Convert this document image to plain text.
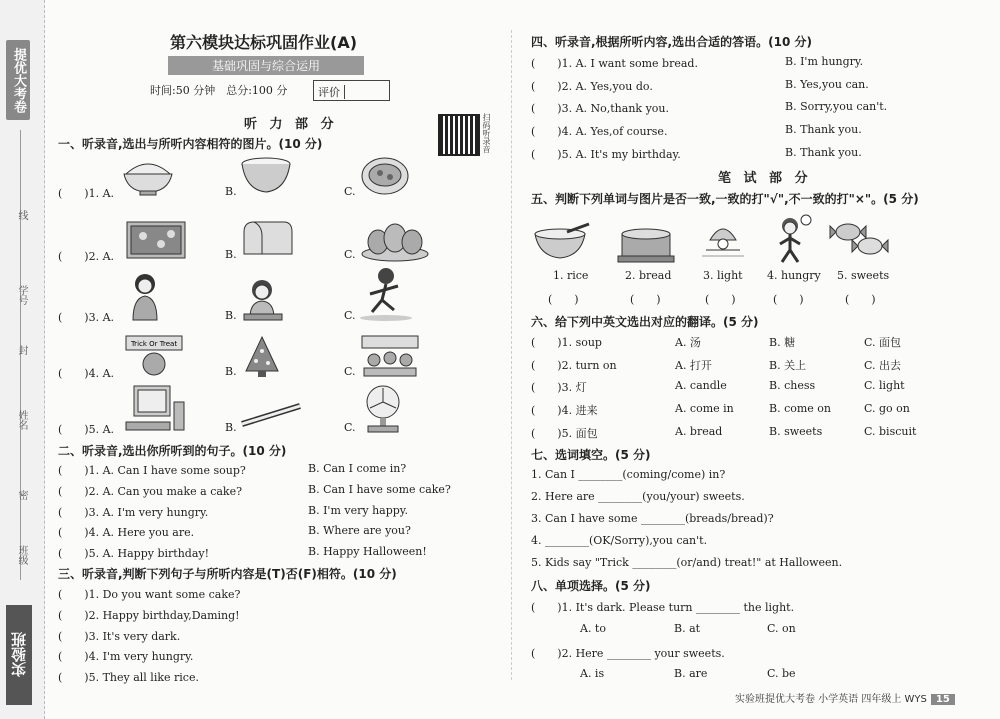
提优大考卷
线
学号
封
姓名
密
班级
实验班
第六模块达标巩固作业(A)
基础巩固与综合运用
时间:50 分钟　总分:100 分	评价
扫码听录音
听 力 部 分
一、听录音,选出与所听内容相符的图片。(10 分)
(　　)1. A.	B.	C.
(　　)2. A.	B.	C.
(　　)3. A.	B.	C.
(　　)4. A.	B.	C.
(　　)5. A.	B.	C.
Trick Or Treat
二、听录音,选出你所听到的句子。(10 分)
(　　)1. A. Can I have some soup?	B. Can I come in?
(　　)2. A. Can you make a cake?	B. Can I have some cake?
(　　)3. A. I'm very hungry.	B. I'm very happy.
(　　)4. A. Here you are.	B. Where are you?
(　　)5. A. Happy birthday!	B. Happy Halloween!
三、听录音,判断下列句子与所听内容是(T)否(F)相符。(10 分)
(　　)1. Do you want some cake?
(　　)2. Happy birthday,Daming!
(　　)3. It's very dark.
(　　)4. I'm very hungry.
(　　)5. They all like rice.
四、听录音,根据所听内容,选出合适的答语。(10 分)
(　　)1. A. I want some bread.	B. I'm hungry.
(　　)2. A. Yes,you do.	B. Yes,you can.
(　　)3. A. No,thank you.	B. Sorry,you can't.
(　　)4. A. Yes,of course.	B. Thank you.
(　　)5. A. It's my birthday.	B. Thank you.
笔 试 部 分
五、判断下列单词与图片是否一致,一致的打"√",不一致的打"×"。(5 分)
1. rice	2. bread	3. light 4. hungry 5. sweets
(　　)	(　　)	(　　)	(　　)	(　　)
六、给下列中英文选出对应的翻译。(5 分)
(　　)1. soup	A. 汤	B. 糖	C. 面包
(　　)2. turn on	A. 打开	B. 关上	C. 出去
(　　)3. 灯	A. candle	B. chess	C. light
(　　)4. 进来	A. come in	B. come on	C. go on
(　　)5. 面包	A. bread	B. sweets	C. biscuit
七、选词填空。(5 分)
1. Can I ________(coming/come) in?
2. Here are ________(you/your) sweets.
3. Can I have some ________(breads/bread)?
4. ________(OK/Sorry),you can't.
5. Kids say "Trick ________(or/and) treat!" at Halloween.
八、单项选择。(5 分)
(　　)1. It's dark. Please turn ________ the light.
A. to	B. at	C. on
(　　)2. Here ________ your sweets.
A. is	B. are	C. be
实验班提优大考卷 小学英语 四年级上 WYS 15
